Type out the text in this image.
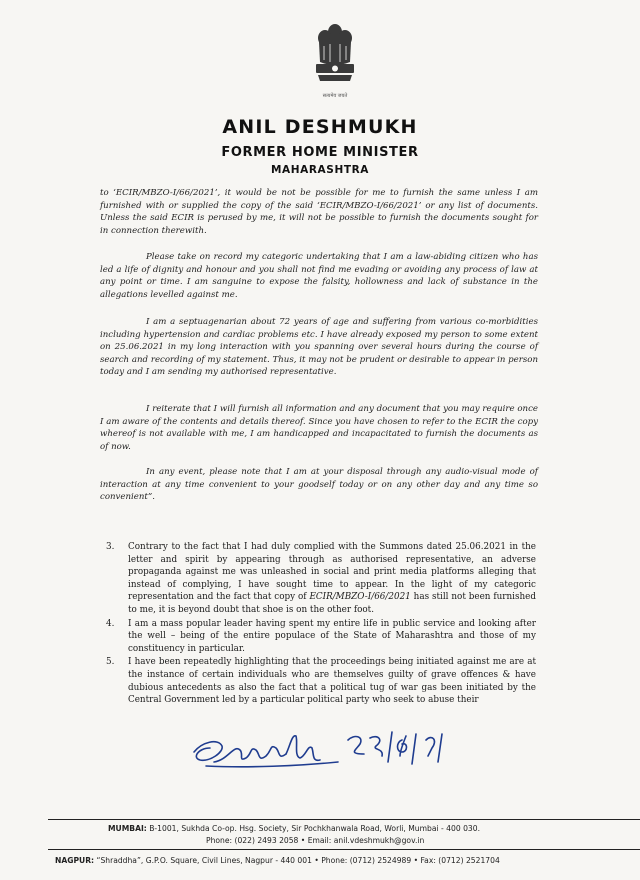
सत्यमेव जयते
ANIL DESHMUKH
FORMER HOME MINISTER
MAHARASHTRA

to ‘ECIR/MBZO-I/66/2021’, it would be not be possible for me to furnish the same unless I am furnished with or supplied the copy of the said ‘ECIR/MBZO-I/66/2021’ or any list of documents. Unless the said ECIR is perused by me, it will not be possible to furnish the documents sought for in connection therewith.

Please take on record my categoric undertaking that I am a law-abiding citizen who has led a life of dignity and honour and you shall not find me evading or avoiding any process of law at any point or time. I am sanguine to expose the falsity, hollowness and lack of substance in the allegations levelled against me.

I am a septuagenarian about 72 years of age and suffering from various co-morbidities including hypertension and cardiac problems etc. I have already exposed my person to some extent on 25.06.2021 in my long interaction with you spanning over several hours during the course of search and recording of my statement. Thus, it may not be prudent or desirable to appear in person today and I am sending my authorised representative.

I reiterate that I will furnish all information and any document that you may require once I am aware of the contents and details thereof. Since you have chosen to refer to the ECIR the copy whereof is not available with me, I am handicapped and incapacitated to furnish the documents as of now.

In any event, please note that I am at your disposal through any audio-visual mode of interaction at any time convenient to your goodself today or on any other day and any time so convenient”.

3. Contrary to the fact that I had duly complied with the Summons dated 25.06.2021 in the letter and spirit by appearing through as authorised representative, an adverse propaganda against me was unleashed in social and print media platforms alleging that instead of complying, I have sought time to appear. In the light of my categoric representation and the fact that copy of ECIR/MBZO-I/66/2021 has still not been furnished to me, it is beyond doubt that shoe is on the other foot.
4. I am a mass popular leader having spent my entire life in public service and looking after the well – being of the entire populace of the State of Maharashtra and those of my constituency in particular.
5. I have been repeatedly highlighting that the proceedings being initiated against me are at the instance of certain individuals who are themselves guilty of grave offences & have dubious antecedents as also the fact that a political tug of war gas been initiated by the Central Government led by a particular political party who seek to abuse their
MUMBAI: B-1001, Sukhda Co-op. Hsg. Society, Sir Pochkhanwala Road, Worli, Mumbai - 400 030.
Phone: (022) 2493 2058 • Email: anil.vdeshmukh@gov.in
NAGPUR: “Shraddha”, G.P.O. Square, Civil Lines, Nagpur - 440 001 • Phone: (0712) 2524989 • Fax: (0712) 2521704
